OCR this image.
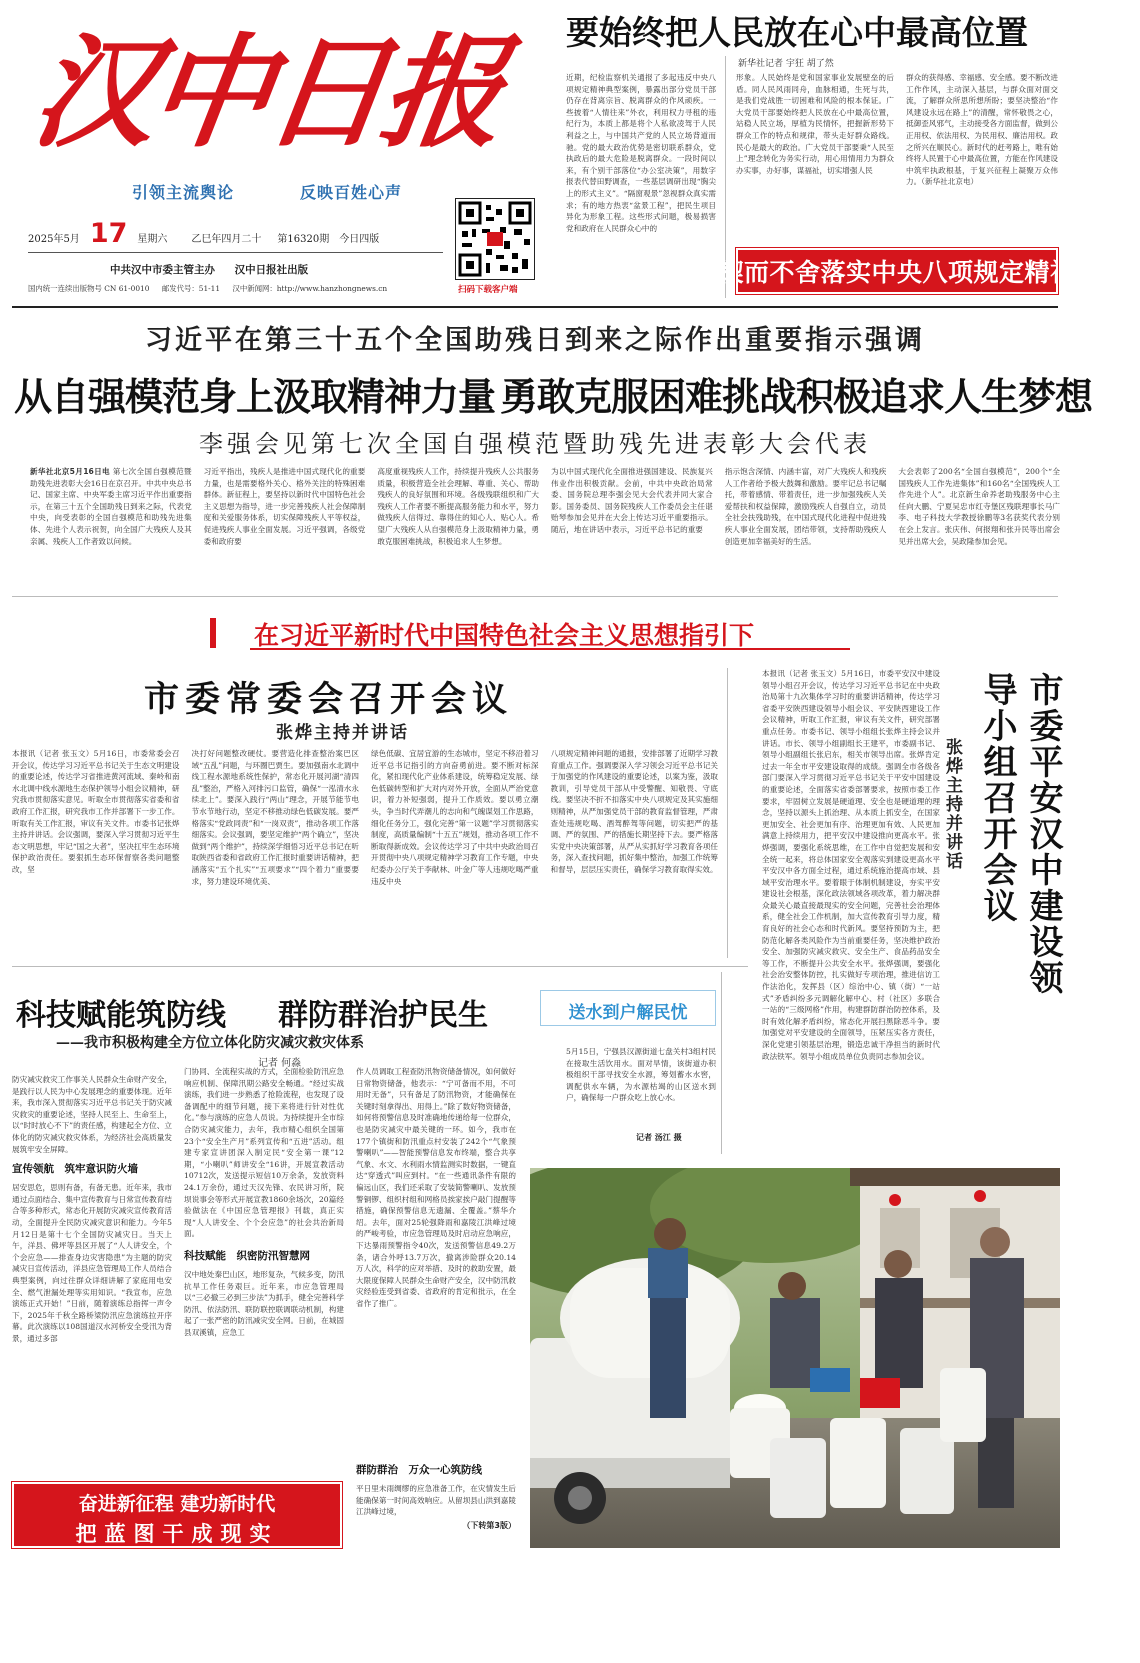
汉中日报
引领主流舆论	反映百姓心声
2025年5月 17 星期六 乙巳年四月二十 第16320期 今日四版
中共汉中市委主管主办 汉中日报社出版
国内统一连续出版物号 CN 61-0010 邮发代号：51-11 汉中新闻网：http://www.hanzhongnews.cn	扫码下载客户端
要始终把人民放在心中最高位置
新华社记者 宇狂 胡了然
近期，纪检监察机关通报了多起违反中央八项规定精神典型案例，暴露出部分党员干部仍存在背离宗旨、脱离群众的作风顽疾。一些披着“人情往来”外衣，利用权力寻租的违纪行为，本质上都是将个人私欲凌驾于人民利益之上，与中国共产党的人民立场背道而驰。党的最大政治优势是密切联系群众，党执政后的最大危险是脱离群众。一段时间以来，有个别干部落位“办公室决策”，用数字报表代替田野调查，一些基层调研出现“胸尖上的形式主义”。“隔窗观景”忽视群众真实需求；有的地方热衷“盆景工程”，把民生项目异化为形象工程。这些形式问题，极易损害党和政府在人民群众心中的
形象。人民始终是党和国家事业发展壁垒的后盾。同人民风雨同舟，血脉相通，生死与共，是我们党战胜一切困难和风险的根本保证。广大党员干部要始终把人民放在心中最高位置，站稳人民立场，厚植为民情怀，把握新形势下群众工作的特点和规律，带头走好群众路线。民心是最大的政治。广大党员干部要秉“人民至上”理念转化为务实行动，用心用情用力为群众办实事，办好事，谋福祉，切实增强人民
群众的获得感、幸福感、安全感。要不断改进工作作风，主动深入基层，与群众面对面交流，了解群众所思所想所盼；要坚决整治“作风建设永远在路上”的清醒，常怀敬畏之心，抵御歪风邪气，主动接受各方面监督，做到公正用权、依法用权、为民用权、廉洁用权。政之所兴在顺民心。新时代的赶考路上，唯有始终将人民置于心中最高位置，方能在作风建设中筑牢执政根基，于复兴征程上凝聚万众伟力。（新华社北京电）
锲而不舍落实中央八项规定精神
习近平在第三十五个全国助残日到来之际作出重要指示强调
从自强模范身上汲取精神力量 勇敢克服困难挑战积极追求人生梦想
李强会见第七次全国自强模范暨助残先进表彰大会代表

新华社北京5月16日电 第七次全国自强模范暨助残先进表彰大会16日在京召开。中共中央总书记、国家主席、中央军委主席习近平作出重要指示，在第三十五个全国助残日到来之际，代表党中央，向受表彰的全国自强模范和助残先进集体、先进个人表示祝贺，向全国广大残疾人及其亲属、残疾人工作者致以问候。

习近平指出，残疾人是推进中国式现代化的重要力量，也是需要格外关心、格外关注的特殊困难群体。新征程上，要坚持以新时代中国特色社会主义思想为指导，进一步完善残疾人社会保障制度和关爱服务体系，切实保障残疾人平等权益，促进残疾人事业全面发展。习近平强调，各级党委和政府要

高度重视残疾人工作，持续提升残疾人公共服务质量，积极营造全社会理解、尊重、关心、帮助残疾人的良好氛围和环境。各级残联组织和广大残疾人工作者要不断提高服务能力和水平，努力做残疾人信得过、靠得住的知心人、贴心人。希望广大残疾人从自强模范身上汲取精神力量，勇敢克服困难挑战，积极追求人生梦想。

为以中国式现代化全面推进强国建设、民族复兴伟业作出积极贡献。会前，中共中央政治局常委、国务院总理李强会见大会代表并同大家合影。国务委员、国务院残疾人工作委员会主任谌贻琴参加会见并在大会上传达习近平重要指示。随后，地在讲话中表示，习近平总书记的重要

指示饱含深情、内涵丰富，对广大残疾人和残疾人工作者给予极大鼓舞和激励。要牢记总书记嘱托，带着感情、带着责任，进一步加强残疾人关爱帮扶和权益保障，激励残疾人自强自立，动员全社会扶残助残，在中国式现代化进程中促进残疾人事业全面发展，团结带领，支持帮助残疾人创造更加幸福美好的生活。

大会表彰了200名“全国自强模范”，200个“全国残疾人工作先进集体”和160名“全国残疾人工作先进个人”。北京新生命养老助残服务中心主任向大鹏、宁夏吴忠市红寺堡区残联理事长马广李、电子科技大学教授徐鹏等3名获奖代表分别在会上发言。张庆伟、何报翔和张升民等出席会见并出席大会，吴政隆参加会见。

在习近平新时代中国特色社会主义思想指引下
市委常委会召开会议
张烨主持并讲话

本报讯（记者 张玉文）5月16日，市委常委会召开会议，传达学习习近平总书记关于生态文明建设的重要论述，传达学习省推进黄河流域、秦岭和南水北调中线水源地生态保护领导小组会议精神，研究我市贯彻落实意见。听取全市贯彻落实省委和省政府工作汇报，研究我市工作并部署下一步工作。听取有关工作汇报，审议有关文件。市委书记张烨主持并讲话。会议强调，要深入学习贯彻习近平生态文明思想，牢记“国之大者”，坚决扛牢生态环境保护政治责任。要狠抓生态环保督察各类问题整改，坚

决打好问题整改硬仗。要营造化排查整治案巴区域“五乱”问题，与环圈巴贾生。要加强南水北调中线工程水源地系统性保护，常态化开展河湖“清四乱”整治，严格入河排污口监管，确保“一泓清水永续北上”。要深入践行“两山”理念，开展节能节电节水节地行动，坚定不移推动绿色低碳发展。要严格落实“党政同责”和“一岗双责”，推动各项工作落细落实。会议强调，要坚定维护“两个确立”，坚决做到“两个维护”，持续深学细悟习近平总书记在听取陕西省委和省政府工作汇报时重要讲话精神，把涵落实“五个扎实”“五项要求”“四个着力”重要要求，努力建设环境优美、

绿色低碳、宜居宜游的生态城市，坚定不移沿着习近平总书记指引的方向奋勇前进。要不断对标深化，紧扣现代化产业体系建设，统筹稳定发展、绿色低碳转型和扩大对内对外开放，全面从严治党意识，着力补短强弱，提升工作质效。要以勇立潮头，争当时代弄潮儿的志向和气魄谋划工作思路，细化任务分工，强化完善“第一议题”学习贯彻落实制度，高质量编制“十五五”规划，推动各项工作不断取得新成效。会议传达学习了中共中央政治局召开贯彻中央八项规定精神学习教育工作专题，中央纪委办公厅关于李献林、叶金广等人违规吃喝严重违反中央

八项规定精神问题的通报，安排部署了近期学习教育重点工作。强调要深入学习领会习近平总书记关于加强党的作风建设的重要论述，以案为鉴，汲取教训，引导党员干部从中受警醒、知敬畏、守底线。要坚决不折不扣落实中央八项规定及其实施细则精神，从严加强党员干部的教育监督管理，严肃查处违规吃喝、酒驾醉驾等问题，切实把严的基调、严的氛围、严的措施长期坚持下去。要严格落实党中央决策部署，从严从实抓好学习教育各项任务，深入查找问题，抓好集中整治，加强工作统筹和督导，层层压实责任，确保学习教育取得实效。

本报讯（记者 张玉文）5月16日，市委平安汉中建设领导小组召开会议，传达学习习近平总书记在中央政治局第十九次集体学习时的重要讲话精神，传达学习省委平安陕西建设领导小组会议、平安陕西建设工作会议精神，听取工作汇报，审议有关文件，研究部署重点任务。市委书记、领导小组组长张烨主持会议并讲话。市长、领导小组副组长王建平，市委副书记、领导小组副组长张启东，相关市领导出席。张烨肯定过去一年全市平安建设取得的成绩。强调全市各级各部门要深入学习贯彻习近平总书记关于平安中国建设的重要论述，全面落实省委部署要求，按照市委工作要求，牢固树立发展是硬道理、安全也是硬道理的理念，坚持以源头上抓治理、从本质上抓安全，在国家更加安全、社会更加有序、治理更加有效、人民更加满意上持续用力，把平安汉中建设推向更高水平。张烨强调，要强化系统思维，在工作中自觉把发展和安全统一起来，将总体国家安全观落实到建设更高水平平安汉中各方面全过程，通过系统施治提高市域、县域平安治理水平。要着眼于体制机制建设，夯实平安建设社会根基，深化政法领域各项改革，着力解决群众最关心最直接最现实的安全问题，完善社会治理体系，健全社会工作机制，加大宣传教育引导力度，精育良好的社会心态和时代新风。要坚持预防为主，把防范化解各类风险作为当前重要任务，坚决维护政治安全、加强防灾减灾救灾、安全生产、食品药品安全等工作，不断提升公共安全水平。张烨强调，要强化社会治安整体防控，扎实做好专项治理，推进信访工作法治化，发挥县（区）综治中心、镇（街）“一站式”矛盾纠纷多元调解化解中心、村（社区）多联合一站的“三级网格”作用，构建群防群治防控体系，及时有效化解矛盾纠纷，常态化开展扫黑除恶斗争。要加强党对平安建设的全面领导，压紧压实各方责任，深化党建引领基层治理，锻造忠诚干净担当的新时代政法铁军。领导小组成员单位负责同志参加会议。
市委平安汉中建设领导小组召开会议
张烨主持并讲话
科技赋能筑防线 群防群治护民生
——我市积极构建全方位立体化防灾减灾救灾体系
记者 何淼

防灾减灾救灾工作事关人民群众生命财产安全，是践行以人民为中心发展理念的重要体现。近年来，我市深入贯彻落实习近平总书记关于防灾减灾救灾的重要论述，坚持人民至上、生命至上，以“时时放心不下”的责任感，构建起全方位、立体化的防灾减灾救灾体系，为经济社会高质量发展筑牢安全屏障。

宣传领航　筑牢意识防火墙

居安思危，思则有备，有备无患。近年来，我市通过点面结合、集中宣传教育与日常宣传教育结合等多种形式，常态化开展防灾减灾宣传教育活动，全面提升全民防灾减灾意识和能力。今年5月12日是第十七个全国防灾减灾日。当天上午，洋县、佛坪等县区开展了“人人讲安全，个个会应急——排查身边灾害隐患”为主题的防灾减灾日宣传活动，洋县应急管理局工作人员结合典型案例，向过往群众详细讲解了家庭用电安全、燃气泄漏处理等实用知识。“我宣布，应急演练正式开始！”日前，随着演练总指挥一声令下，2025年千秋全路桥梁防汛应急演练拉开序幕。此次演练以108国道汉水河桥安全受汛为背景，通过多部

门协同、全流程实战的方式，全面检验防汛应急响应机制、保障汛期公路安全畅通。“经过实战演练，我们进一步熟悉了抢险流程，也发现了设备调配中的细节问题，接下来将进行针对性优化。”参与演练的应急人员说。为持续提升全市综合防灾减灾能力，去年，我市精心组织全国第23个“安全生产月”系列宣传和“五进”活动。组建专家宣讲团深入制定民“安全第一课”12期，“小喇叭”师讲安全“16讲，开展宣教活动10712次，发送提示短信10万余条，发放资料24.1万余份，通过天汉先锋、农民讲习所，院坝说事会等形式开展宣教1860余场次，20篇经验做法在《中国应急管理报》刊载，真正实现“人人讲安全、个个会应急”的社会共治新局面。

科技赋能　织密防汛智慧网

汉中地处秦巴山区，地形复杂，气候多变，防汛抗旱工作任务艰巨。近年来，市应急管理局以“三必撤三必到三步法”为抓手，健全完善科学防汛、依法防汛、联防联控联调联动机制，构建起了一张严密的防汛减灾安全网。日前，在城固县双溪镇，应急工

作人员调取工程查防汛物资储备情况，如何做好日常物资储备，他表示：“宁可备而不用，不可用时无备”，只有备足了防汛物资，才能确保在关键时刻拿得出、用得上。”除了数好物资储备，如何将预警信息及时准确地传递给每一位群众，也是防灾减灾中最关键的一环。如今，我市在177个镇街和防汛重点村安装了242个“气象预警喇叭”——智能预警信息发布终端，整合共享气象、水文、水利雨水情监测实时数据，一键直达“穿透式”叫应到村。“在一些通讯条件有限的偏远山区，我们还采取了安装简警喇叭、发放预警铜锣、组织村组和网格员挨家挨户敲门提醒等措施，确保预警信息无遗漏、全覆盖。”蔡华介绍。去年，面对25轮强降雨和嘉陵江洪峰过境的严峻考验，市应急管理局及时启动应急响应，下达暴雨预警指令40次，发送预警信息49.2万条，诸合外呼13.7万次，撤离涉险群众20.14万人次，科学的应对举措、及时的救助安置，最大限度保障人民群众生命财产安全，汉中防汛救灾经验连受到省委、省政府的肯定和批示，在全省作了推广。

群防群治　万众一心筑防线

平日里未雨绸缪的应急准备工作，在灾情发生后能确保第一时间高效响应。从留坝县山洪到嘉陵江洪峰过境，

（下转第3版）
奋进新征程 建功新时代
把蓝图干成现实
送水到户解民忧

5月15日，宁强县汉源街道七盘关村3组村民在接取生活饮用水。面对旱情，该街道办积极组织干部寻找安全水源，筹划蓄水水窖，调配供水车辆，为水源枯竭的山区送水到户，确保每一户群众吃上放心水。

记者 汤江 摄
